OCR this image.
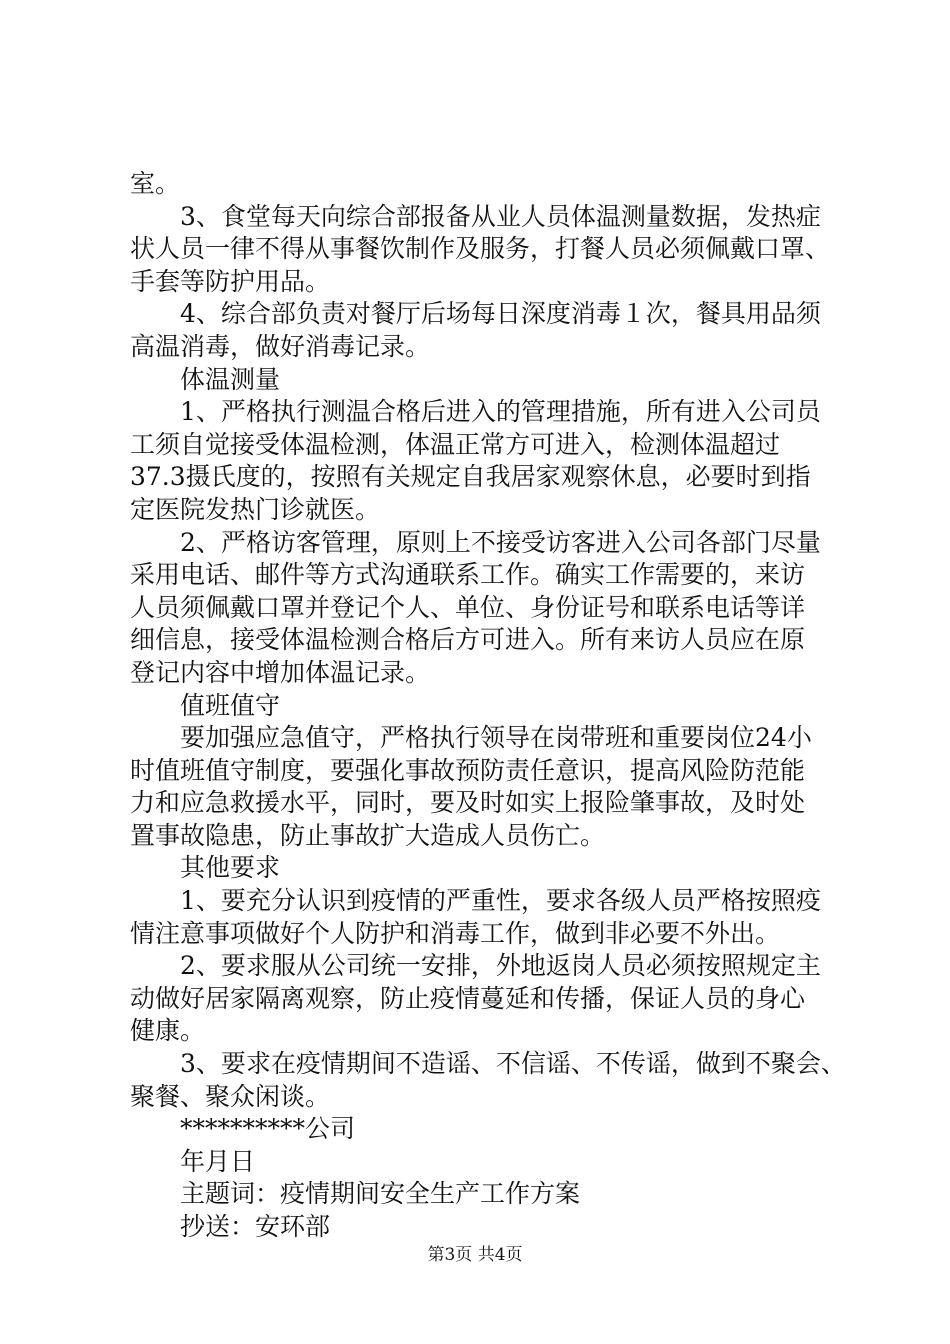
室。
3、食堂每天向综合部报备从业人员体温测量数据，发热症
状人员一律不得从事餐饮制作及服务，打餐人员必须佩戴口罩、
手套等防护用品。
4、综合部负责对餐厅后场每日深度消毒１次，餐具用品须
高温消毒，做好消毒记录。
体温测量
1、严格执行测温合格后进入的管理措施，所有进入公司员
工须自觉接受体温检测，体温正常方可进入，检测体温超过
37.3摄氏度的，按照有关规定自我居家观察休息，必要时到指
定医院发热门诊就医。
2、严格访客管理，原则上不接受访客进入公司各部门尽量
采用电话、邮件等方式沟通联系工作。确实工作需要的，来访
人员须佩戴口罩并登记个人、单位、身份证号和联系电话等详
细信息，接受体温检测合格后方可进入。所有来访人员应在原
登记内容中增加体温记录。
值班值守
要加强应急值守，严格执行领导在岗带班和重要岗位24小
时值班值守制度，要强化事故预防责任意识，提高风险防范能
力和应急救援水平，同时，要及时如实上报险肇事故，及时处
置事故隐患，防止事故扩大造成人员伤亡。
其他要求
1、要充分认识到疫情的严重性，要求各级人员严格按照疫
情注意事项做好个人防护和消毒工作，做到非必要不外出。
2、要求服从公司统一安排，外地返岗人员必须按照规定主
动做好居家隔离观察，防止疫情蔓延和传播，保证人员的身心
健康。
3、要求在疫情期间不造谣、不信谣、不传谣，做到不聚会、
聚餐、聚众闲谈。
**********公司
年月日
主题词：疫情期间安全生产工作方案
抄送：安环部
第3页 共4页
